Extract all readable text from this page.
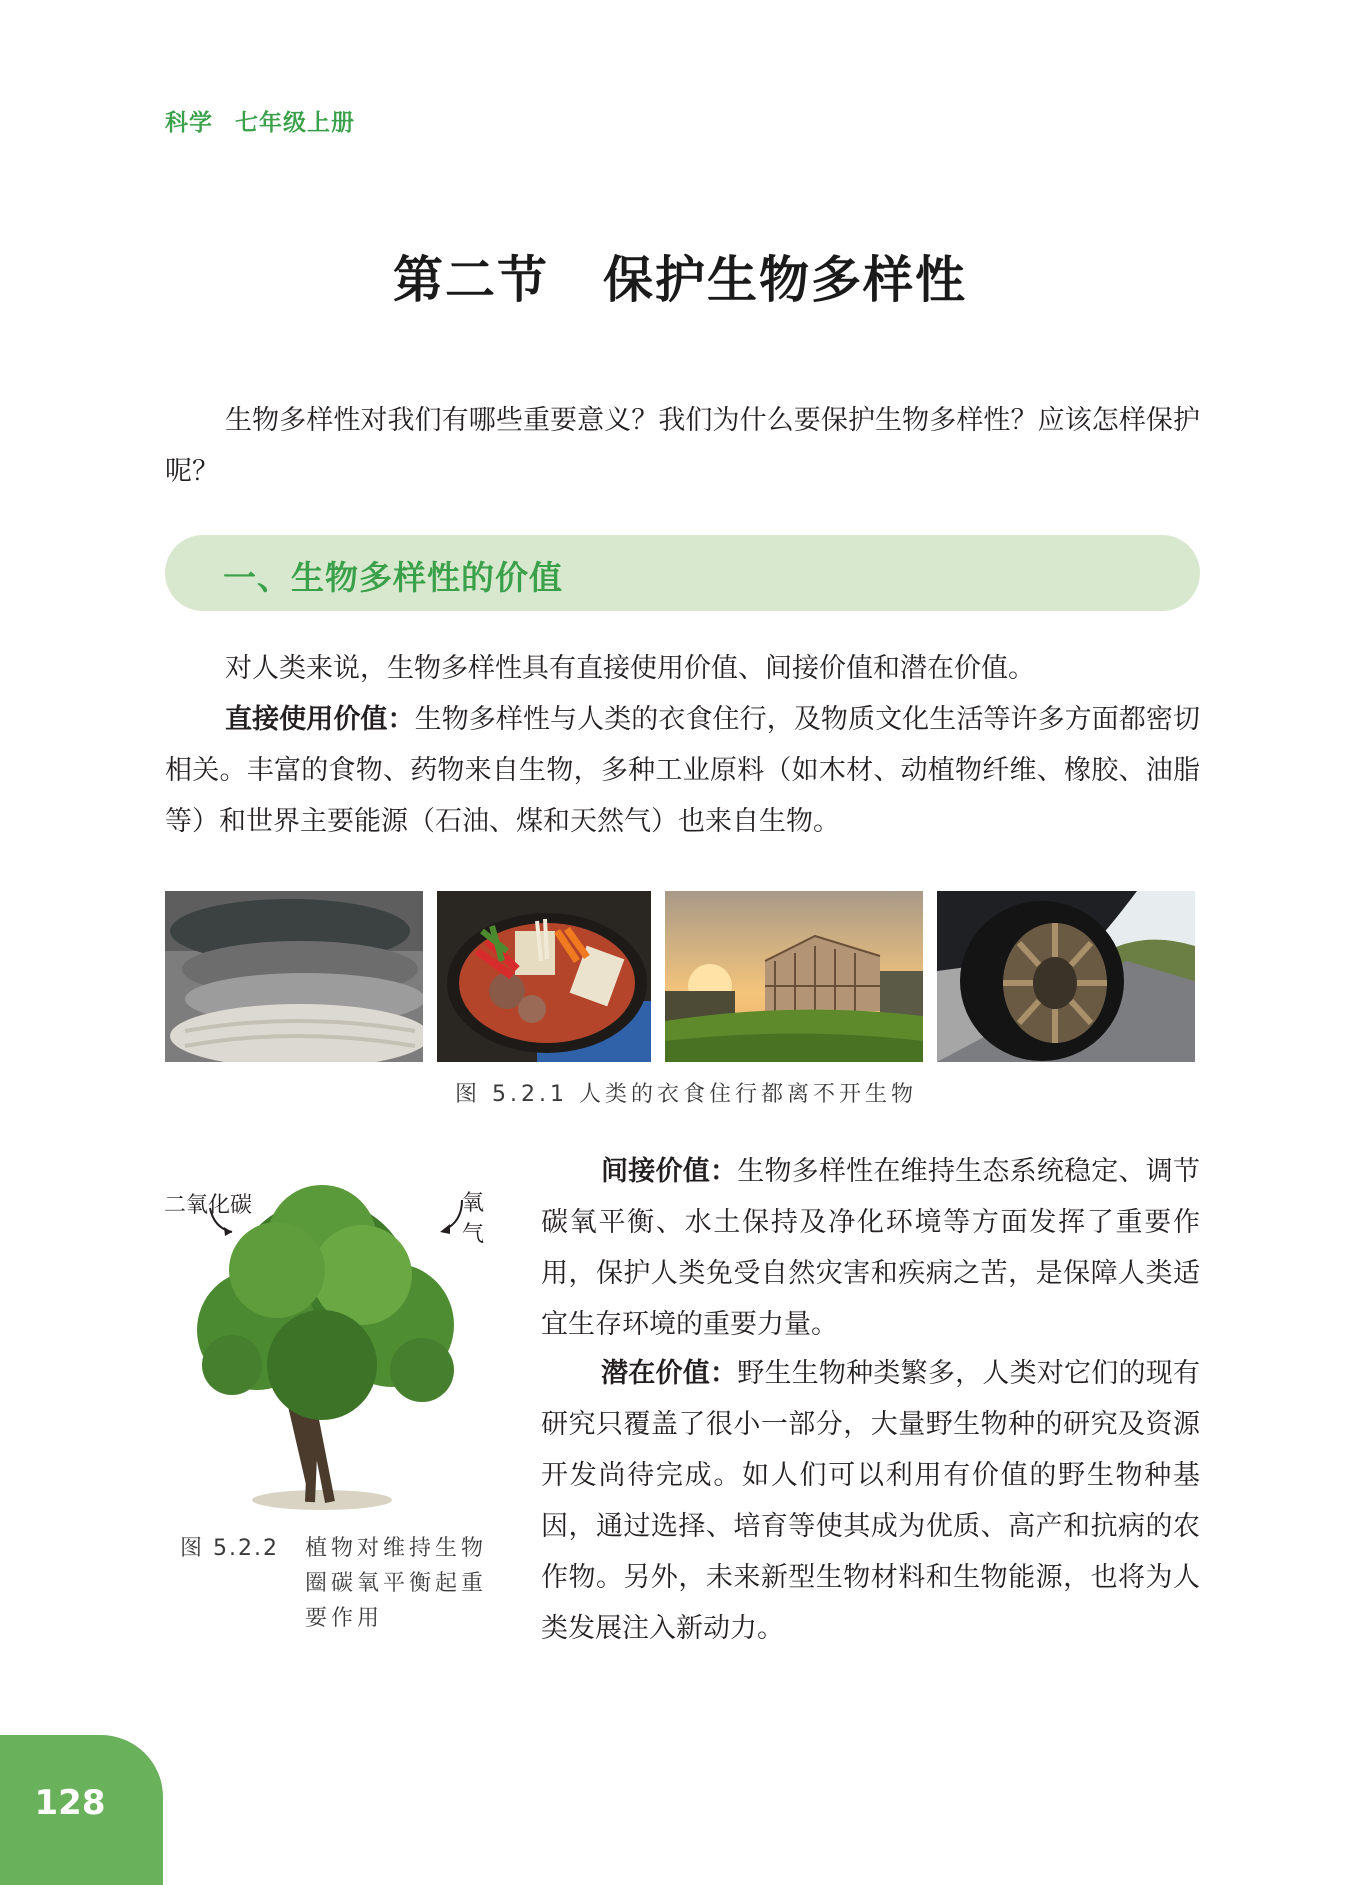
科学 七年级上册
第二节 保护生物多样性
生物多样性对我们有哪些重要意义？我们为什么要保护生物多样性？应该怎样保护呢？
一、生物多样性的价值
对人类来说，生物多样性具有直接使用价值、间接价值和潜在价值。
直接使用价值：生物多样性与人类的衣食住行，及物质文化生活等许多方面都密切相关。丰富的食物、药物来自生物，多种工业原料（如木材、动植物纤维、橡胶、油脂等）和世界主要能源（石油、煤和天然气）也来自生物。
图 5.2.1 人类的衣食住行都离不开生物
二氧化碳	氧气
图 5.2.2 植物对维持生物
圈碳氧平衡起重
要作用
间接价值：生物多样性在维持生态系统稳定、调节碳氧平衡、水土保持及净化环境等方面发挥了重要作用，保护人类免受自然灾害和疾病之苦，是保障人类适宜生存环境的重要力量。
潜在价值：野生生物种类繁多，人类对它们的现有研究只覆盖了很小一部分，大量野生物种的研究及资源开发尚待完成。如人们可以利用有价值的野生物种基因，通过选择、培育等使其成为优质、高产和抗病的农作物。另外，未来新型生物材料和生物能源，也将为人类发展注入新动力。
128
